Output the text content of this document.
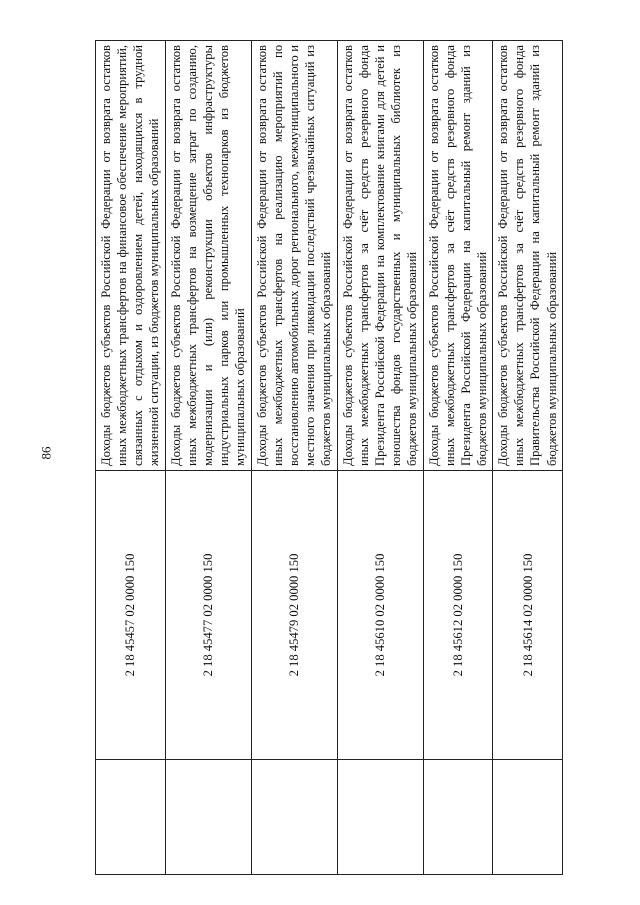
86
	2 18 45457 02 0000 150	Доходы бюджетов субъектов Российской Федерации от возврата остатков иных межбюджетных трансфертов на финансовое обеспечение мероприятий, связанных с отдыхом и оздоровлением детей, находящихся в трудной жизненной ситуации, из бюджетов муниципальных образований
	2 18 45477 02 0000 150	Доходы бюджетов субъектов Российской Федерации от возврата остатков иных межбюджетных трансфертов на возмещение затрат по созданию, модернизации и (или) реконструкции объектов инфраструктуры индустриальных парков или промышленных технопарков из бюджетов муниципальных образований
	2 18 45479 02 0000 150	Доходы бюджетов субъектов Российской Федерации от возврата остатков иных межбюджетных трансфертов на реализацию мероприятий по восстановлению автомобильных дорог регионального, межмуниципального и местного значения при ликвидации последствий чрезвычайных ситуаций из бюджетов муниципальных образований
	2 18 45610 02 0000 150	Доходы бюджетов субъектов Российской Федерации от возврата остатков иных межбюджетных трансфертов за счёт средств резервного фонда Президента Российской Федерации на комплектование книгами для детей и юношества фондов государственных и муниципальных библиотек из бюджетов муниципальных образований
	2 18 45612 02 0000 150	Доходы бюджетов субъектов Российской Федерации от возврата остатков иных межбюджетных трансфертов за счёт средств резервного фонда Президента Российской Федерации на капитальный ремонт зданий из бюджетов муниципальных образований
	2 18 45614 02 0000 150	Доходы бюджетов субъектов Российской Федерации от возврата остатков иных межбюджетных трансфертов за счёт средств резервного фонда Правительства Российской Федерации на капитальный ремонт зданий из бюджетов муниципальных образований
